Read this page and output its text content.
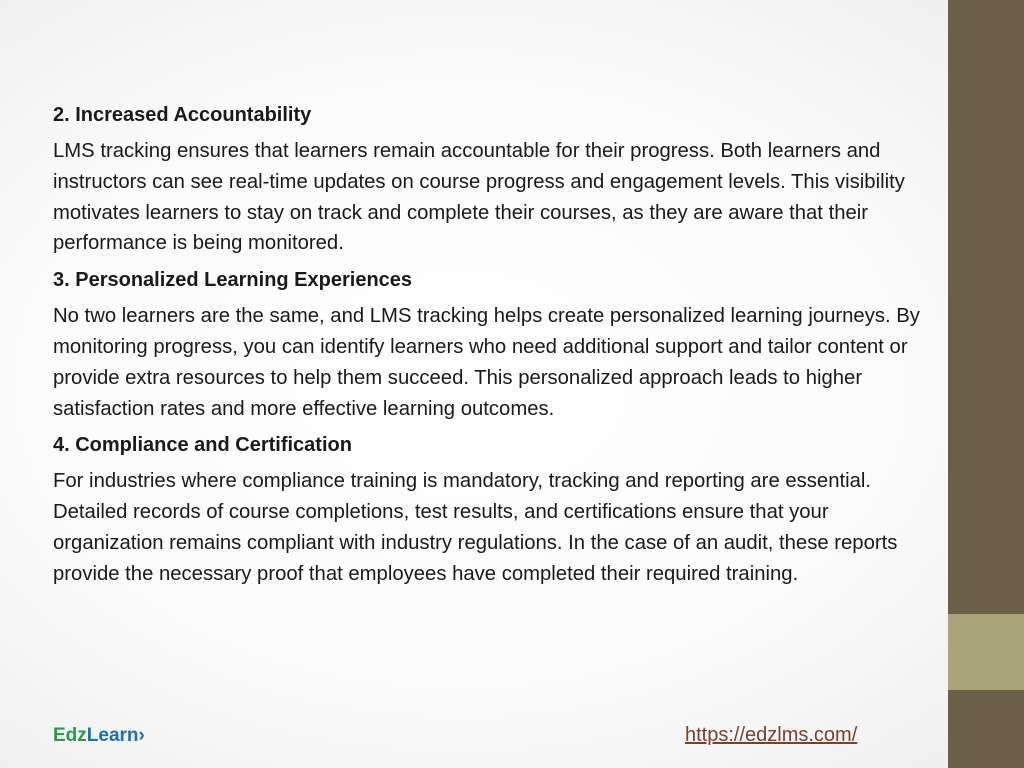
2. Increased Accountability

LMS tracking ensures that learners remain accountable for their progress. Both learners and instructors can see real-time updates on course progress and engagement levels. This visibility motivates learners to stay on track and complete their courses, as they are aware that their performance is being monitored.

3. Personalized Learning Experiences

No two learners are the same, and LMS tracking helps create personalized learning journeys. By monitoring progress, you can identify learners who need additional support and tailor content or provide extra resources to help them succeed. This personalized approach leads to higher satisfaction rates and more effective learning outcomes.

4. Compliance and Certification

For industries where compliance training is mandatory, tracking and reporting are essential. Detailed records of course completions, test results, and certifications ensure that your organization remains compliant with industry regulations. In the case of an audit, these reports provide the necessary proof that employees have completed their required training.

EdzLearn›	https://edzlms.com/
